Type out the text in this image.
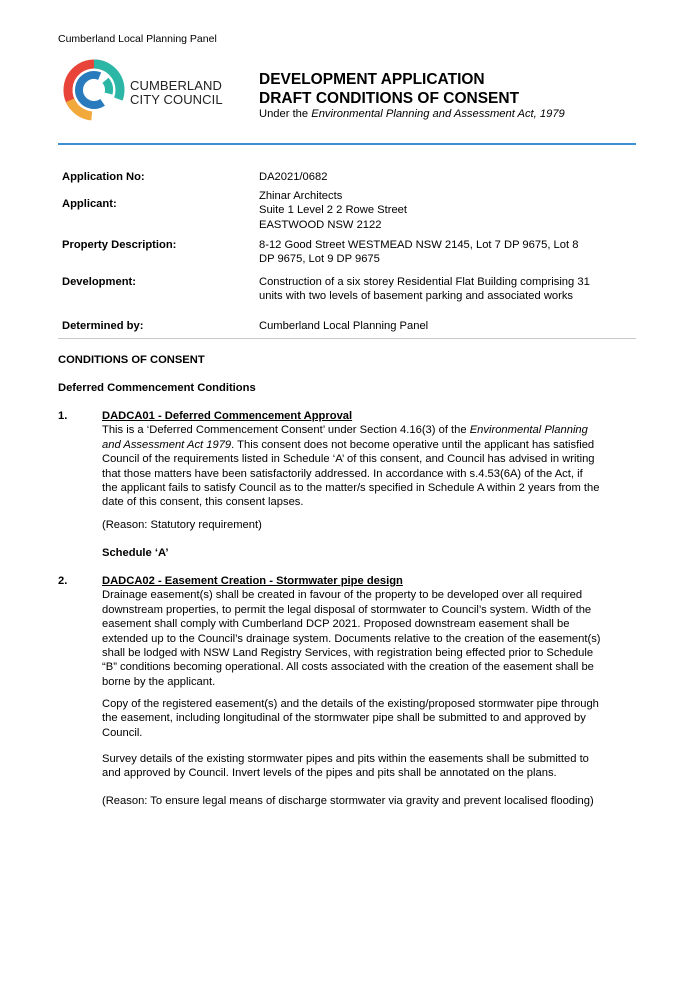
Cumberland Local Planning Panel
CUMBERLAND
CITY COUNCIL
DEVELOPMENT APPLICATION
DRAFT CONDITIONS OF CONSENT
Under the Environmental Planning and Assessment Act, 1979
Application No:	DA2021/0682
Applicant:
Zhinar Architects
Suite 1 Level 2 2 Rowe Street
EASTWOOD NSW 2122
Property Description:	8-12 Good Street WESTMEAD NSW 2145, Lot 7 DP 9675, Lot 8
DP 9675, Lot 9 DP 9675
Development:	Construction of a six storey Residential Flat Building comprising 31
units with two levels of basement parking and associated works
Determined by:	Cumberland Local Planning Panel
CONDITIONS OF CONSENT
Deferred Commencement Conditions
1.	DADCA01 - Deferred Commencement Approval
This is a ‘Deferred Commencement Consent’ under Section 4.16(3) of the Environmental Planning
and Assessment Act 1979. This consent does not become operative until the applicant has satisfied
Council of the requirements listed in Schedule ‘A’ of this consent, and Council has advised in writing
that those matters have been satisfactorily addressed. In accordance with s.4.53(6A) of the Act, if
the applicant fails to satisfy Council as to the matter/s specified in Schedule A within 2 years from the
date of this consent, this consent lapses.
(Reason: Statutory requirement)
Schedule ‘A’
2.	DADCA02 - Easement Creation - Stormwater pipe design
Drainage easement(s) shall be created in favour of the property to be developed over all required
downstream properties, to permit the legal disposal of stormwater to Council’s system. Width of the
easement shall comply with Cumberland DCP 2021. Proposed downstream easement shall be
extended up to the Council’s drainage system. Documents relative to the creation of the easement(s)
shall be lodged with NSW Land Registry Services, with registration being effected prior to Schedule
“B” conditions becoming operational. All costs associated with the creation of the easement shall be
borne by the applicant.
Copy of the registered easement(s) and the details of the existing/proposed stormwater pipe through
the easement, including longitudinal of the stormwater pipe shall be submitted to and approved by
Council.
Survey details of the existing stormwater pipes and pits within the easements shall be submitted to
and approved by Council. Invert levels of the pipes and pits shall be annotated on the plans.
(Reason: To ensure legal means of discharge stormwater via gravity and prevent localised flooding)
